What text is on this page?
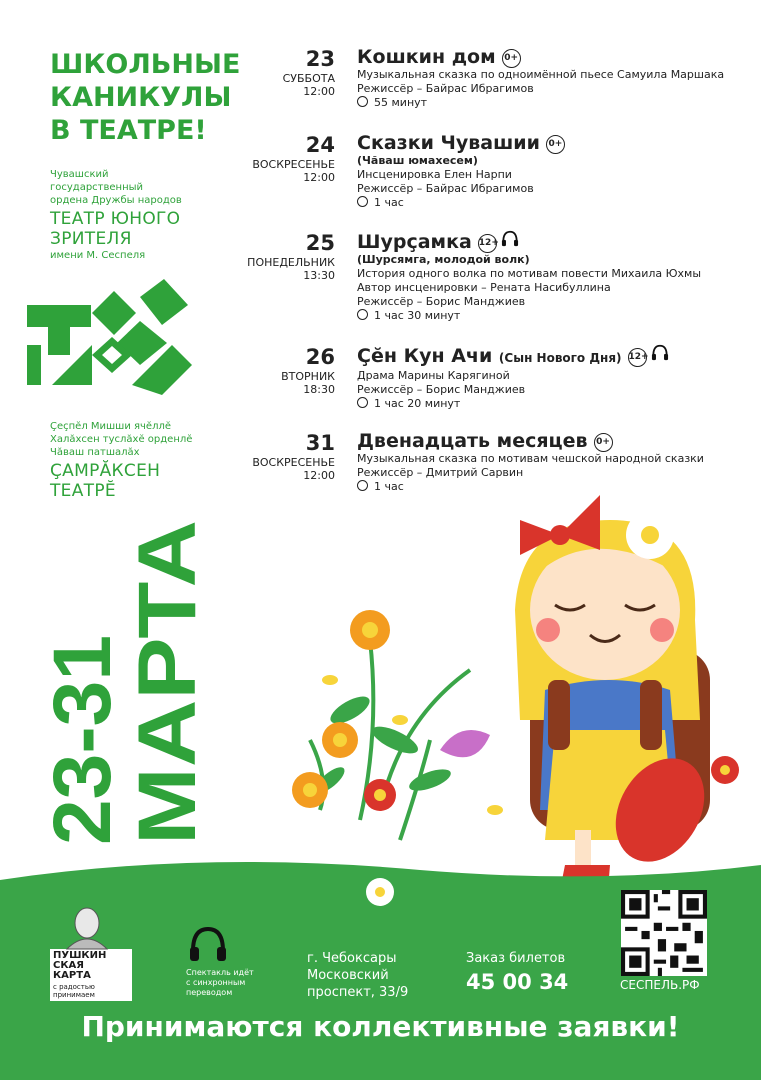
ШКОЛЬНЫЕ
КАНИКУЛЫ
В ТЕАТРЕ!
Чувашский
государственный
ордена Дружбы народов
ТЕАТР ЮНОГО
ЗРИТЕЛЯ
имени М. Сеспеля
Çеçпĕл Мишши ячĕллĕ
Халăхсен туслăхĕ орденлĕ
Чăваш патшалăх
ÇАМРĂКСЕН
ТЕАТРĔ
23-31
МАРТА
23
СУББОТА
12:00
Кошкин дом 0+
Музыкальная сказка по одноимённой пьесе Самуила Маршака
Режиссёр – Байрас Ибрагимов
55 минут
24
ВОСКРЕСЕНЬЕ
12:00
Сказки Чувашии 0+
(Чăваш юмахесем)
Инсценировка Елен Нарпи
Режиссёр – Байрас Ибрагимов
1 час
25
ПОНЕДЕЛЬНИК
13:30
Шурçамка 12+
(Шурсямга, молодой волк)
История одного волка по мотивам повести Михаила Юхмы
Автор инсценировки – Рената Насибуллина
Режиссёр – Борис Манджиев
1 час 30 минут
26
ВТОРНИК
18:30
Çĕн Кун Ачи (Сын Нового Дня) 12+
Драма Марины Карягиной
Режиссёр – Борис Манджиев
1 час 20 минут
31
ВОСКРЕСЕНЬЕ
12:00
Двенадцать месяцев 0+
Музыкальная сказка по мотивам чешской народной сказки
Режиссёр – Дмитрий Сарвин
1 час
ПУШКИН
СКАЯ
КАРТА
с радостью
принимаем
Спектакль идёт
с синхронным
переводом
г. Чебоксары
Московский
проспект, 33/9
Заказ билетов
45 00 34	СЕСПЕЛЬ.РФ
Принимаются коллективные заявки!
